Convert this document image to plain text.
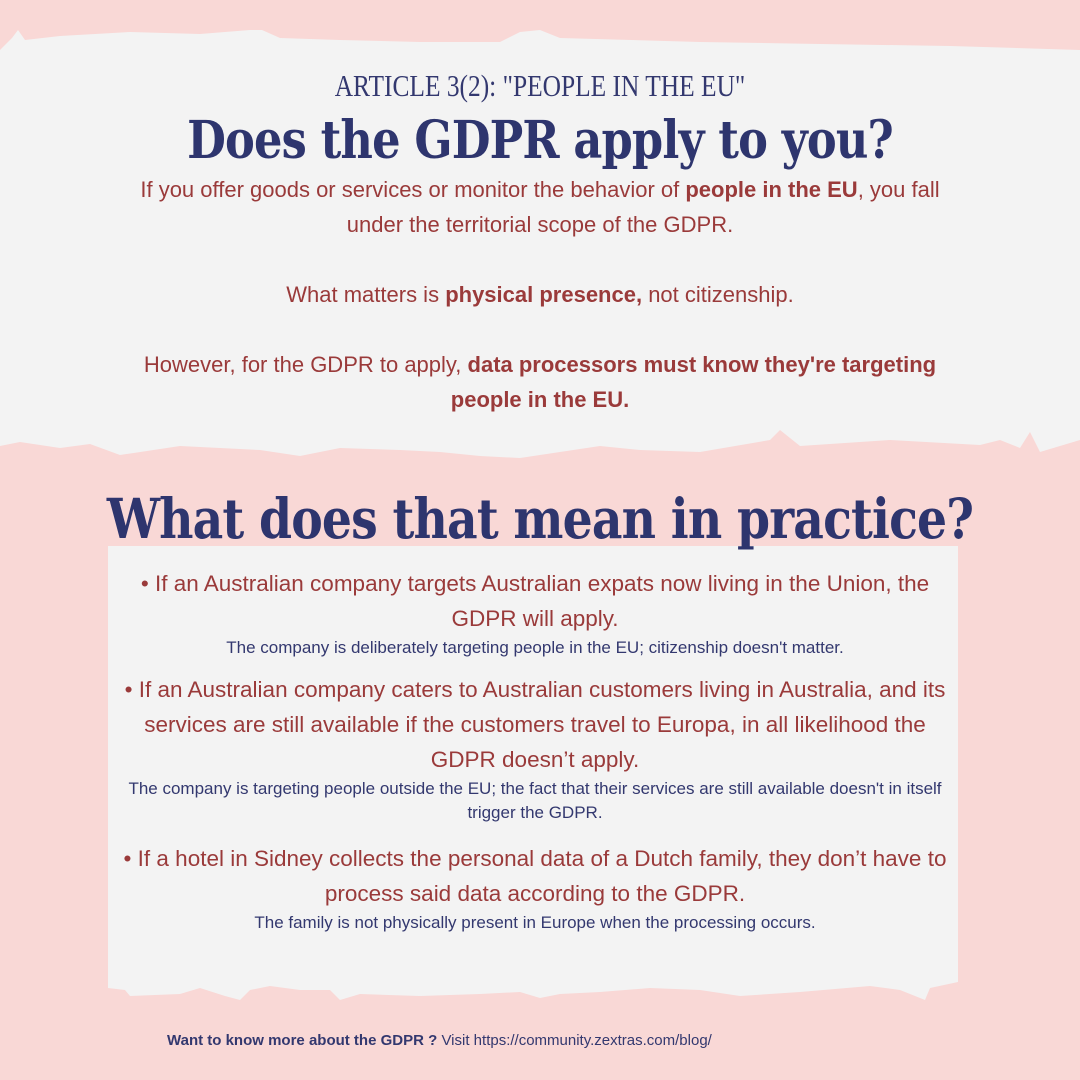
ARTICLE 3(2): "PEOPLE IN THE EU"
Does the GDPR apply to you?

If you offer goods or services or monitor the behavior of people in the EU, you fall under the territorial scope of the GDPR.

What matters is physical presence, not citizenship.

However, for the GDPR to apply, data processors must know they're targeting people in the EU.

What does that mean in practice?
• If an Australian company targets Australian expats now living in the Union, the GDPR will apply.
The company is deliberately targeting people in the EU; citizenship doesn't matter.
• If an Australian company caters to Australian customers living in Australia, and its services are still available if the customers travel to Europa, in all likelihood the GDPR doesn’t apply.
The company is targeting people outside the EU; the fact that their services are still available doesn't in itself trigger the GDPR.
• If a hotel in Sidney collects the personal data of a Dutch family, they don’t have to process said data according to the GDPR.
The family is not physically present in Europe when the processing occurs.
Want to know more about the GDPR ? Visit https://community.zextras.com/blog/
